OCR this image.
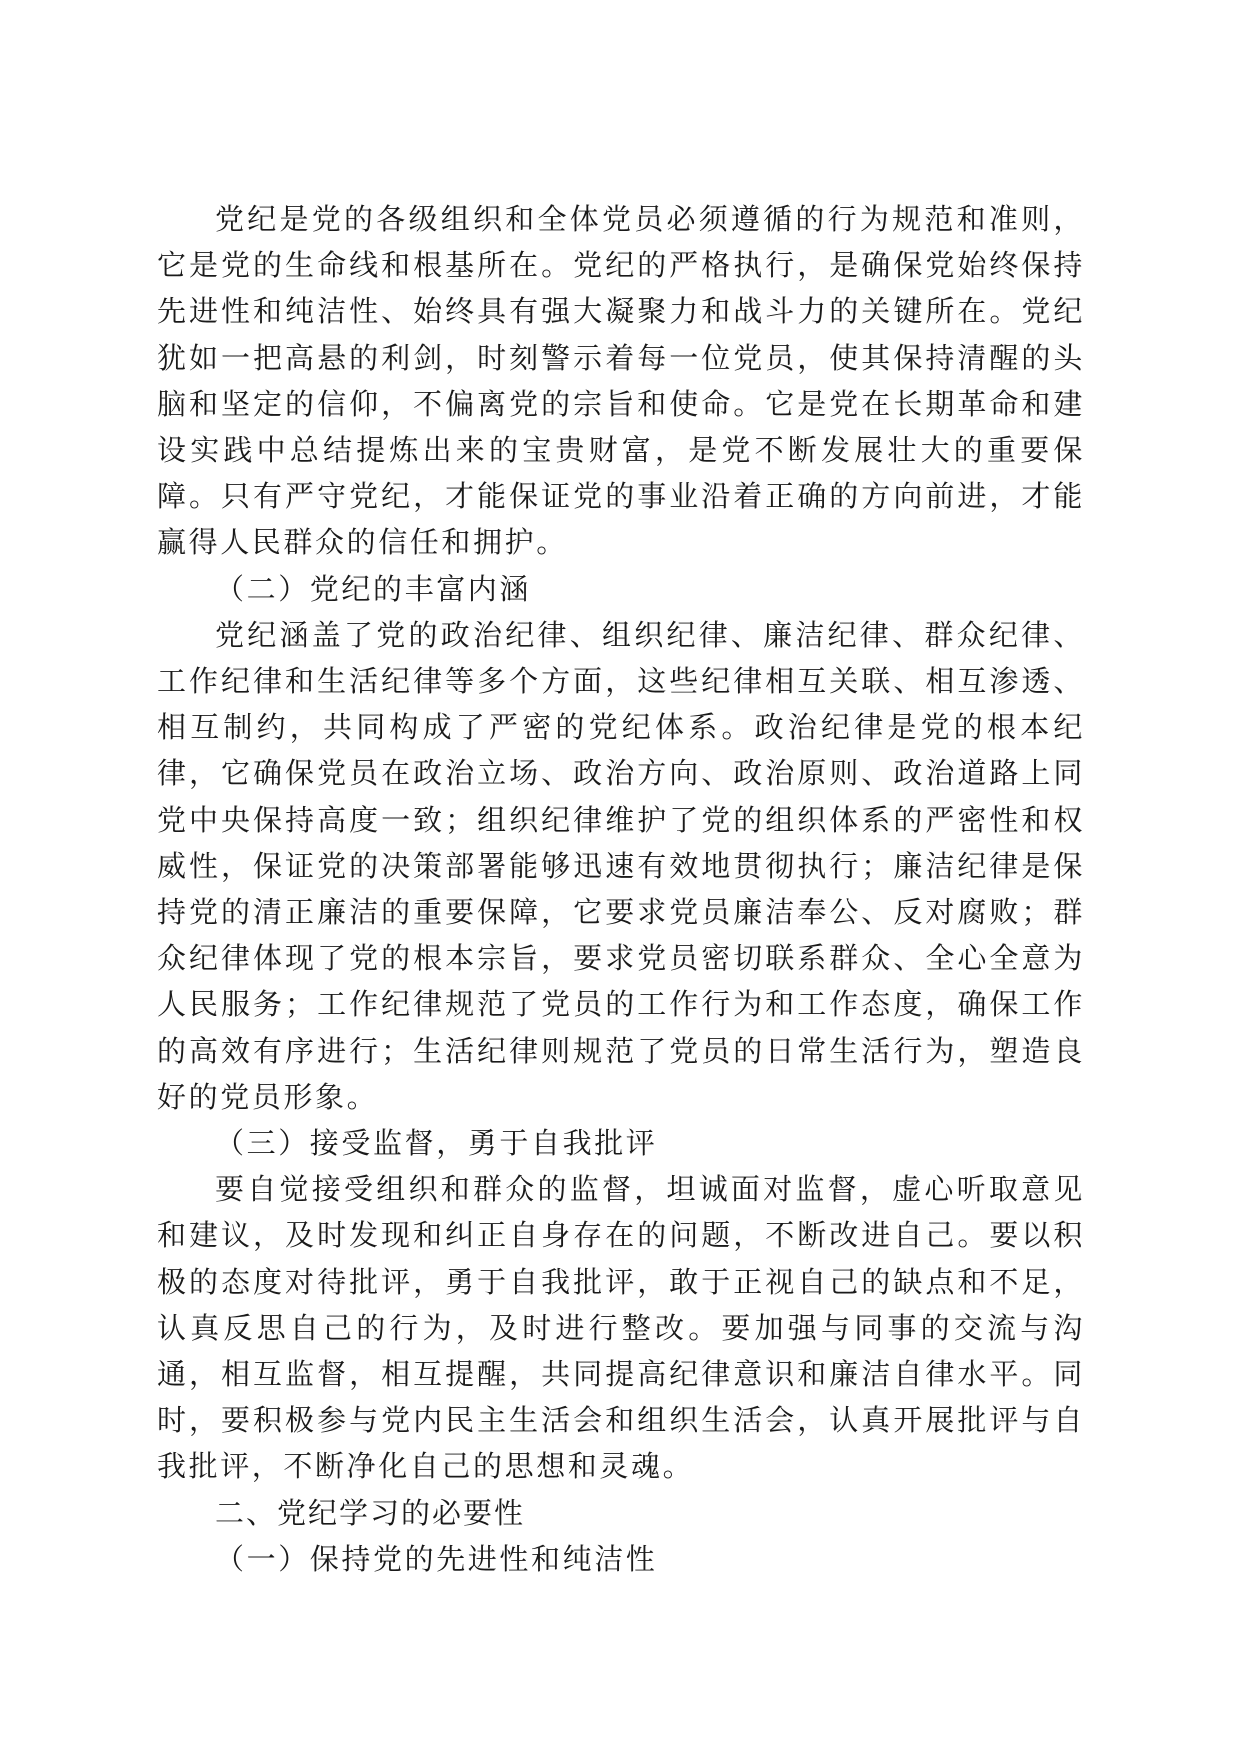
党纪是党的各级组织和全体党员必须遵循的行为规范和准则，它是党的生命线和根基所在。党纪的严格执行，是确保党始终保持先进性和纯洁性、始终具有强大凝聚力和战斗力的关键所在。党纪犹如一把高悬的利剑，时刻警示着每一位党员，使其保持清醒的头脑和坚定的信仰，不偏离党的宗旨和使命。它是党在长期革命和建设实践中总结提炼出来的宝贵财富，是党不断发展壮大的重要保障。只有严守党纪，才能保证党的事业沿着正确的方向前进，才能赢得人民群众的信任和拥护。

（二）党纪的丰富内涵

党纪涵盖了党的政治纪律、组织纪律、廉洁纪律、群众纪律、工作纪律和生活纪律等多个方面，这些纪律相互关联、相互渗透、相互制约，共同构成了严密的党纪体系。政治纪律是党的根本纪律，它确保党员在政治立场、政治方向、政治原则、政治道路上同党中央保持高度一致；组织纪律维护了党的组织体系的严密性和权威性，保证党的决策部署能够迅速有效地贯彻执行；廉洁纪律是保持党的清正廉洁的重要保障，它要求党员廉洁奉公、反对腐败；群众纪律体现了党的根本宗旨，要求党员密切联系群众、全心全意为人民服务；工作纪律规范了党员的工作行为和工作态度，确保工作的高效有序进行；生活纪律则规范了党员的日常生活行为，塑造良好的党员形象。

（三）接受监督，勇于自我批评

要自觉接受组织和群众的监督，坦诚面对监督，虚心听取意见和建议，及时发现和纠正自身存在的问题，不断改进自己。要以积极的态度对待批评，勇于自我批评，敢于正视自己的缺点和不足，认真反思自己的行为，及时进行整改。要加强与同事的交流与沟通，相互监督，相互提醒，共同提高纪律意识和廉洁自律水平。同时，要积极参与党内民主生活会和组织生活会，认真开展批评与自我批评，不断净化自己的思想和灵魂。

二、党纪学习的必要性

（一）保持党的先进性和纯洁性
